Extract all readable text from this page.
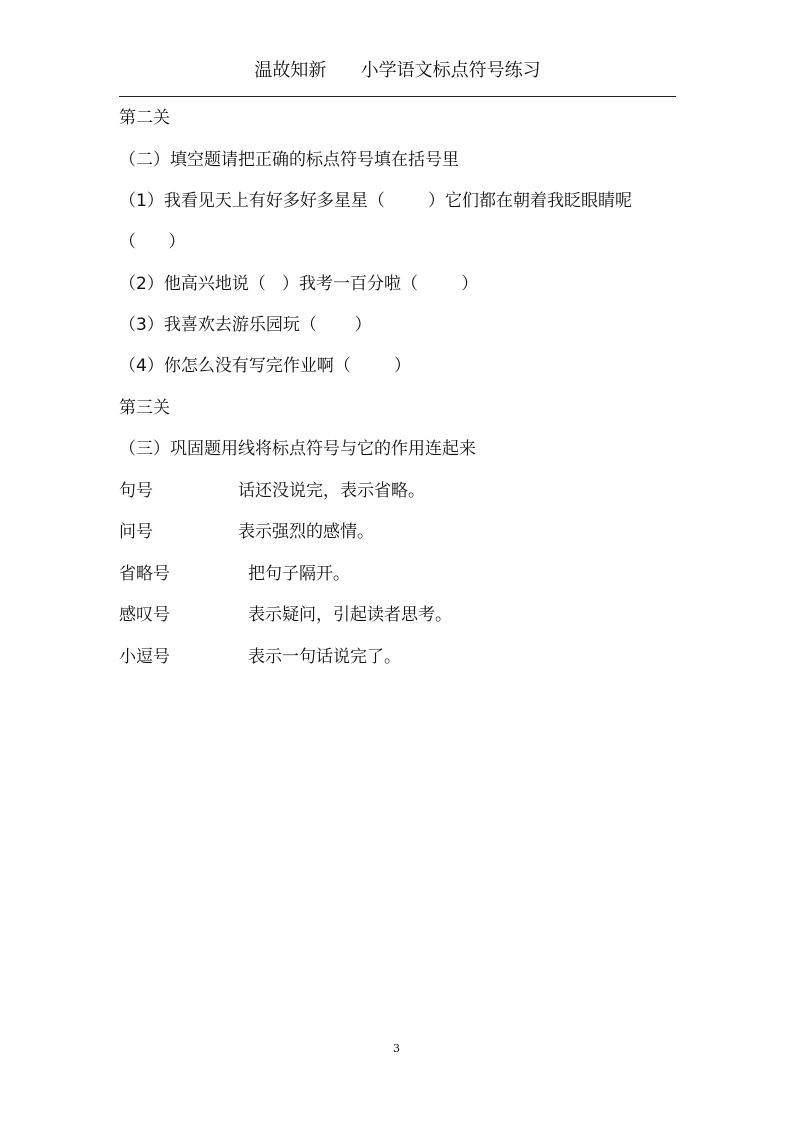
温故知新      小学语文标点符号练习
第二关
（二）填空题请把正确的标点符号填在括号里
（1）我看见天上有好多好多星星（        ）它们都在朝着我眨眼睛呢
（      ）
（2）他高兴地说（   ）我考一百分啦（        ）
（3）我喜欢去游乐园玩（       ）
（4）你怎么没有写完作业啊（        ）
第三关
（三）巩固题用线将标点符号与它的作用连起来
句号
问号
省略号
感叹号
小逗号
话还没说完，表示省略。
表示强烈的感情。
把句子隔开。
表示疑问，引起读者思考。
表示一句话说完了。
3
